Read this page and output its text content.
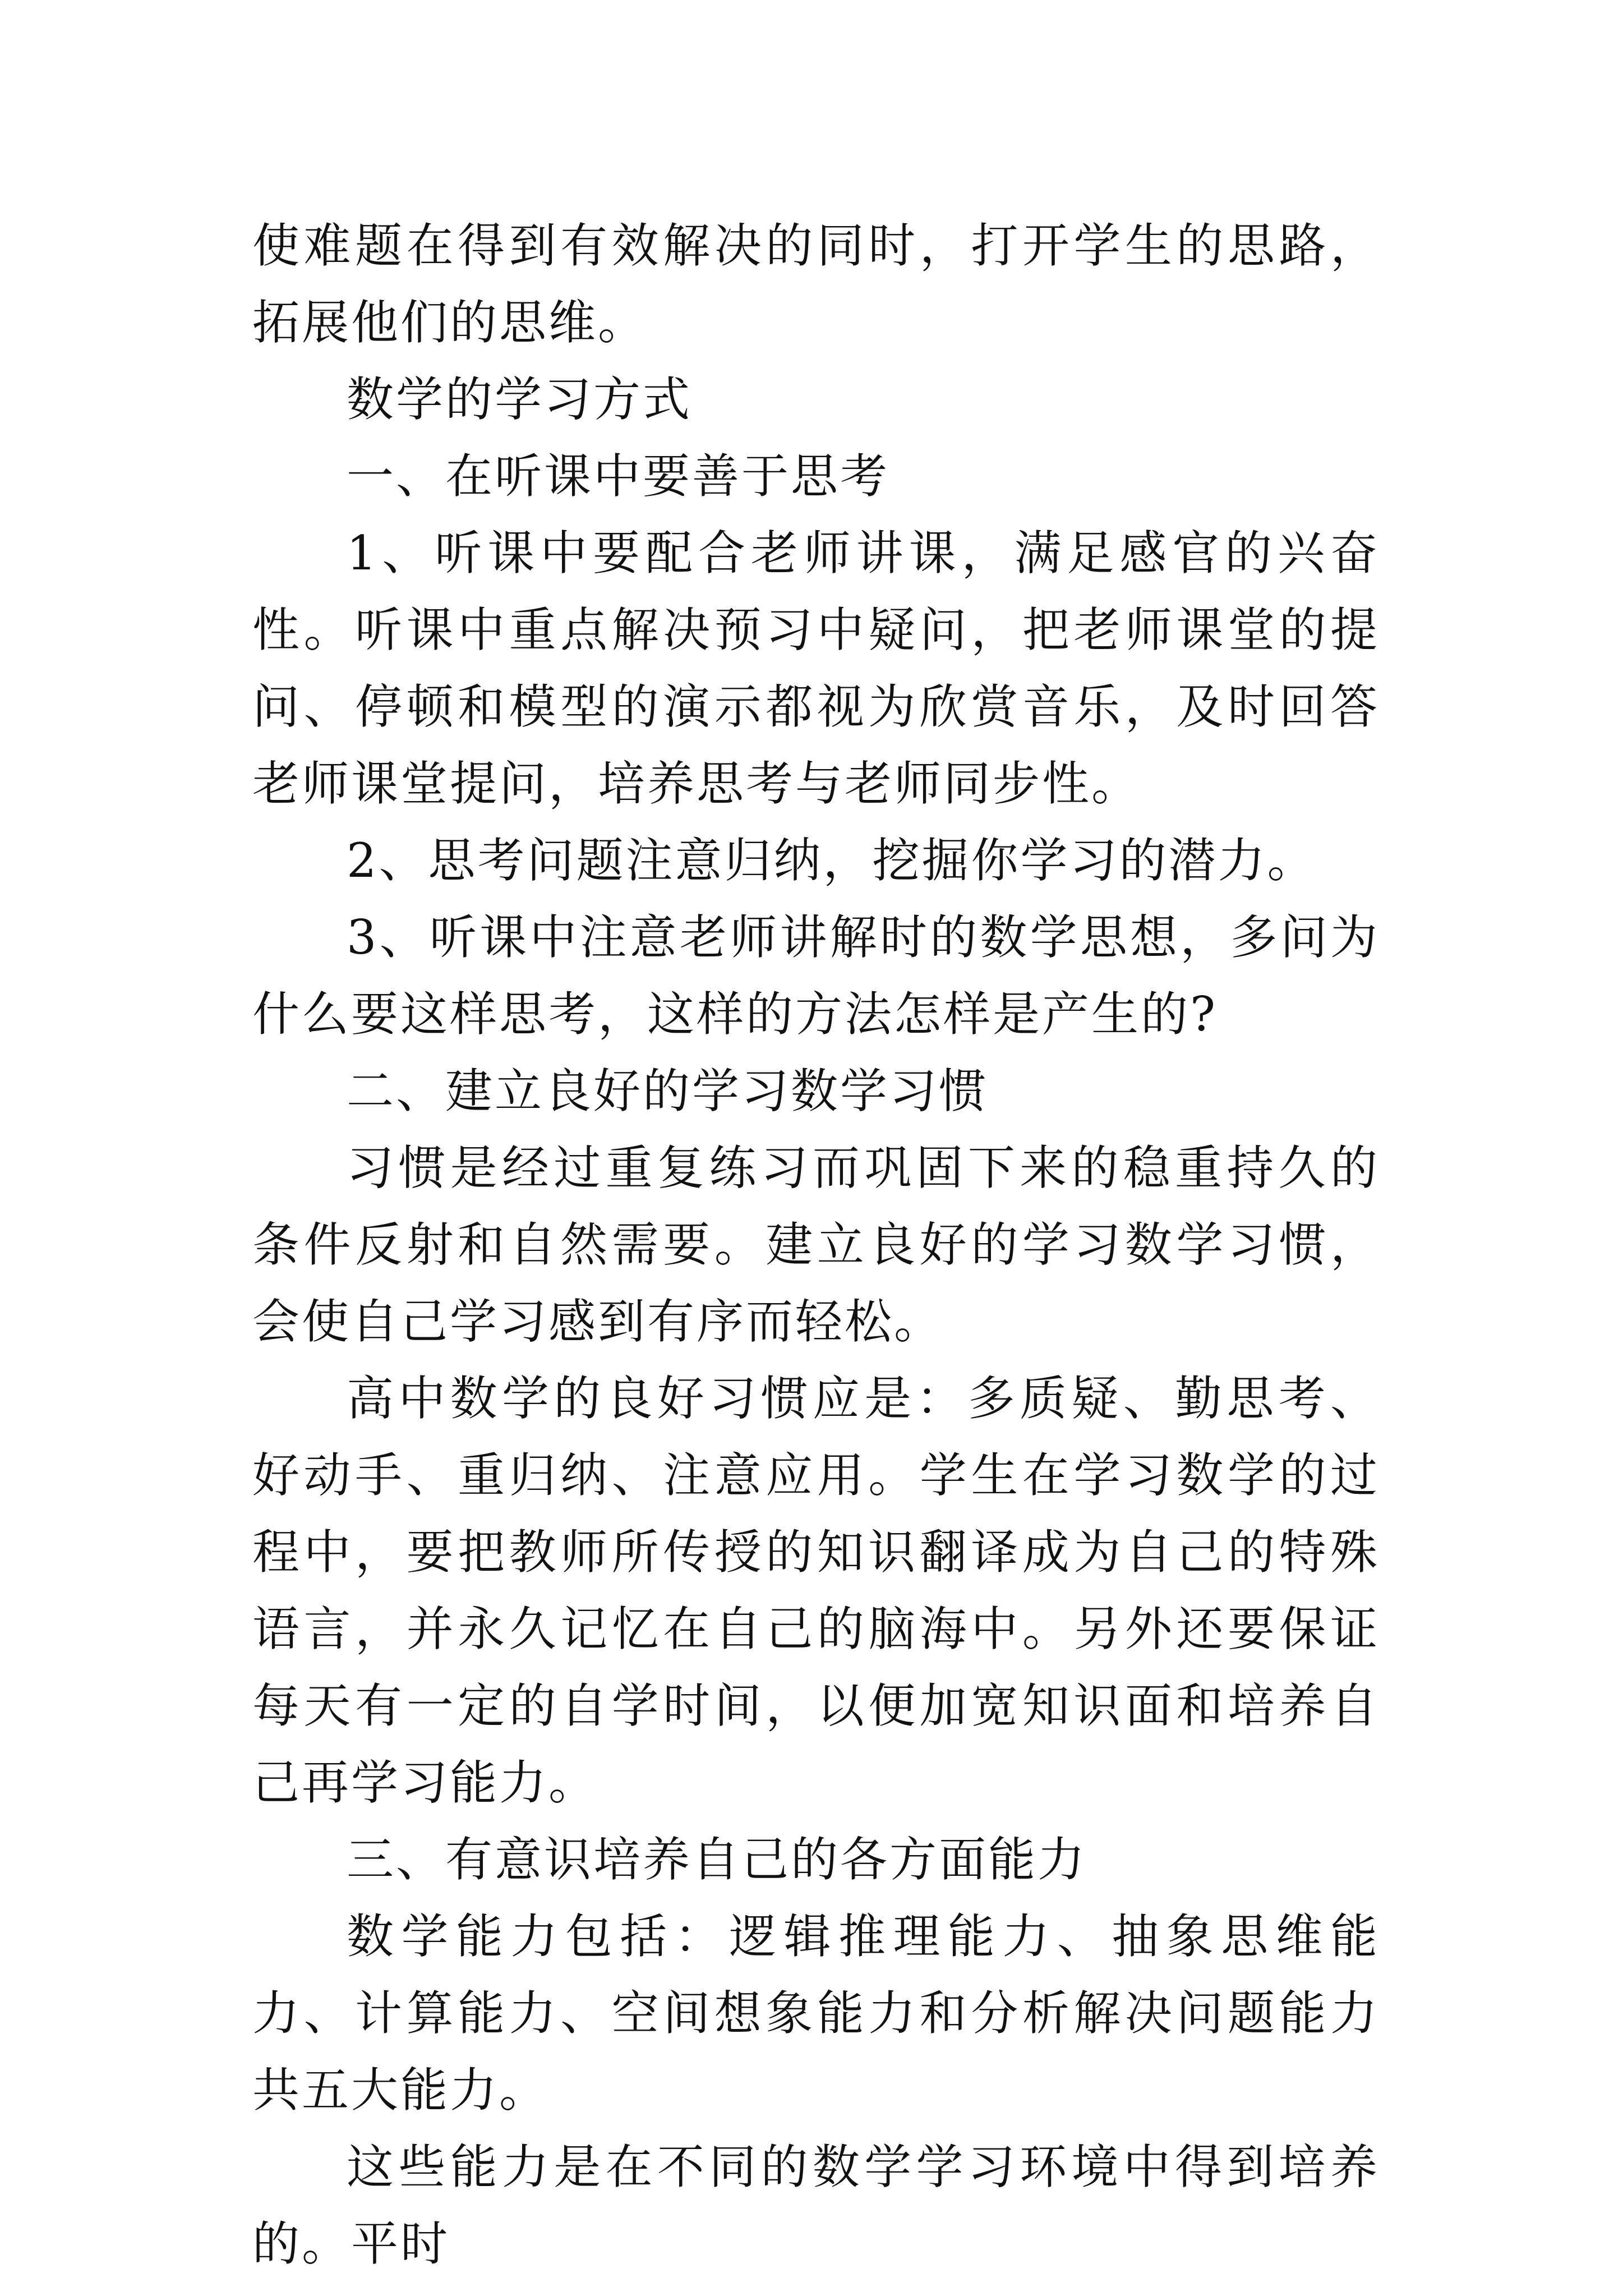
使难题在得到有效解决的同时，打开学生的思路，拓展他们的思维。

数学的学习方式

一、在听课中要善于思考

1、听课中要配合老师讲课，满足感官的兴奋性。听课中重点解决预习中疑问，把老师课堂的提问、停顿和模型的演示都视为欣赏音乐，及时回答老师课堂提问，培养思考与老师同步性。

2、思考问题注意归纳，挖掘你学习的潜力。

3、听课中注意老师讲解时的数学思想，多问为什么要这样思考，这样的方法怎样是产生的?

二、建立良好的学习数学习惯

习惯是经过重复练习而巩固下来的稳重持久的条件反射和自然需要。建立良好的学习数学习惯，会使自己学习感到有序而轻松。

高中数学的良好习惯应是：多质疑、勤思考、好动手、重归纳、注意应用。学生在学习数学的过程中，要把教师所传授的知识翻译成为自己的特殊语言，并永久记忆在自己的脑海中。另外还要保证每天有一定的自学时间，以便加宽知识面和培养自己再学习能力。

三、有意识培养自己的各方面能力

数学能力包括：逻辑推理能力、抽象思维能力、计算能力、空间想象能力和分析解决问题能力共五大能力。

这些能力是在不同的数学学习环境中得到培养的。平时
